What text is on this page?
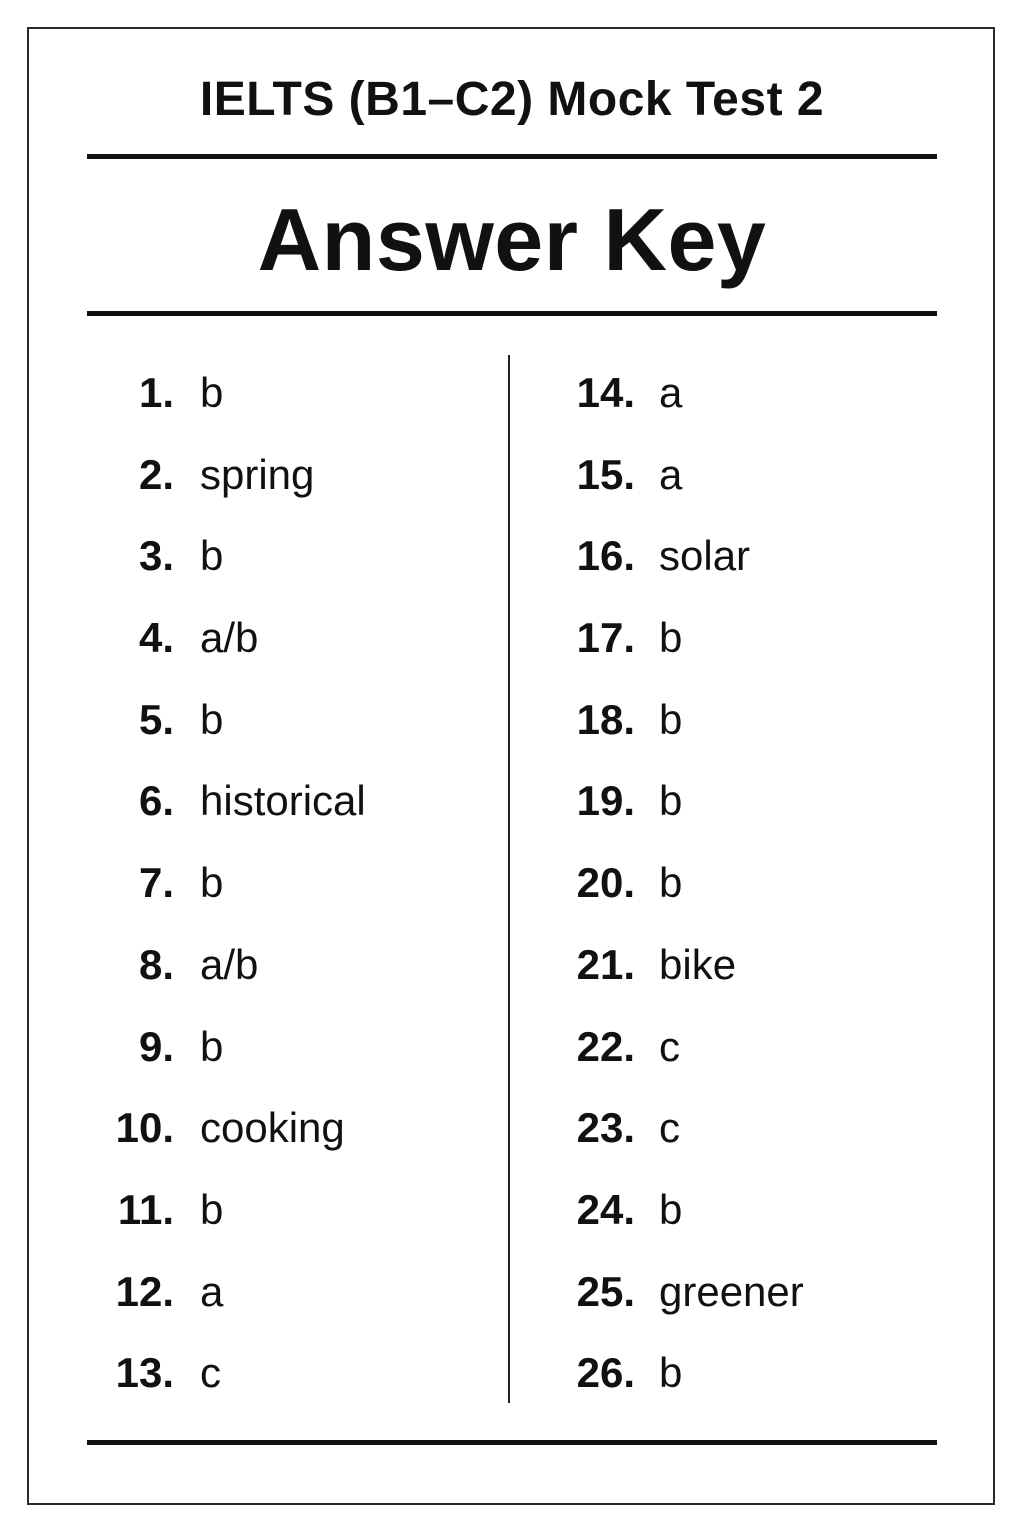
IELTS (B1–C2) Mock Test 2
Answer Key
1. b
2. spring
3. b
4. a/b
5. b
6. historical
7. b
8. a/b
9. b
10. cooking
11. b
12. a
13. c
14. a
15. a
16. solar
17. b
18. b
19. b
20. b
21. bike
22. c
23. c
24. b
25. greener
26. b
